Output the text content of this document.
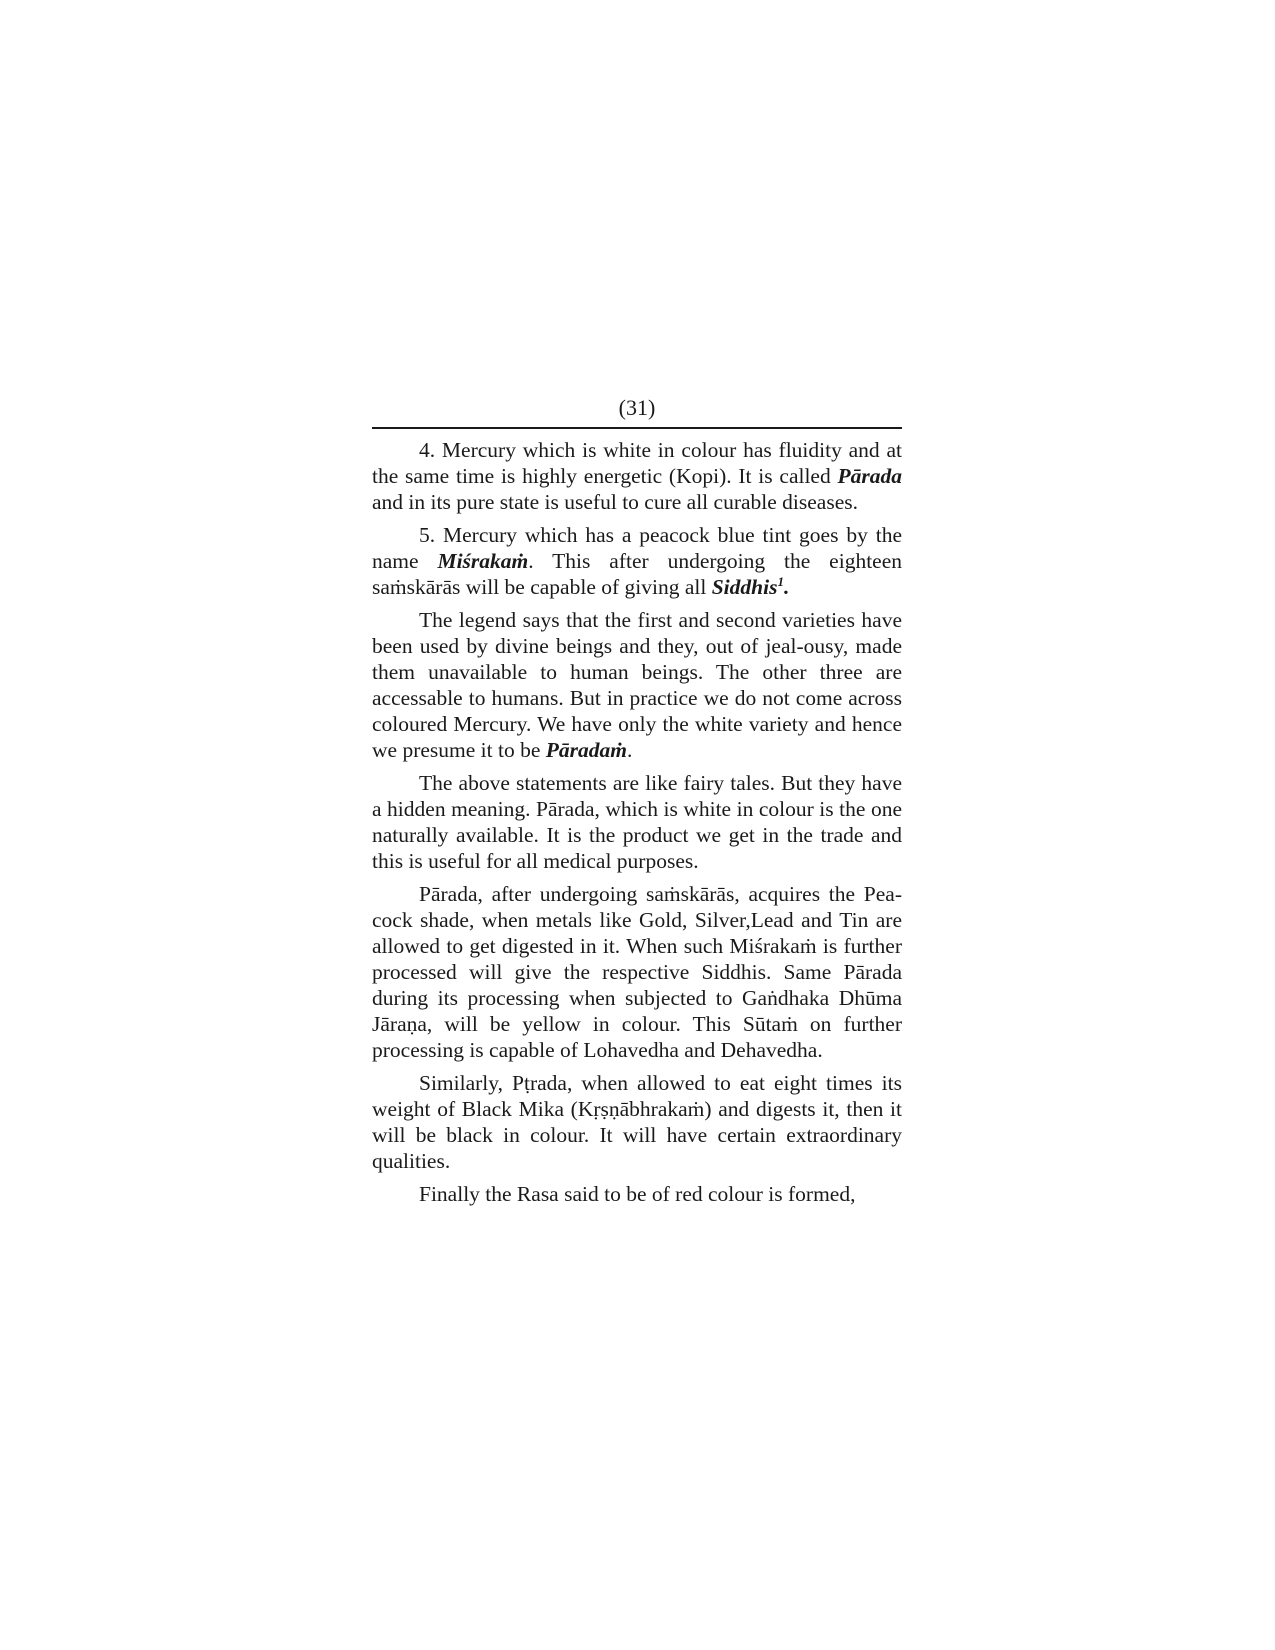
(31)

4. Mercury which is white in colour has fluidity and at the same time is highly energetic (Kopi). It is called Pārada and in its pure state is useful to cure all curable diseases.

5. Mercury which has a peacock blue tint goes by the name Miśrakaṁ. This after undergoing the eighteen saṁskārās will be capable of giving all Siddhis$^1$.

The legend says that the first and second varieties have been used by divine beings and they, out of jeal-ousy, made them unavailable to human beings. The other three are accessable to humans. But in practice we do not come across coloured Mercury. We have only the white variety and hence we presume it to be Pāradaṁ.

The above statements are like fairy tales. But they have a hidden meaning. Pārada, which is white in colour is the one naturally available. It is the product we get in the trade and this is useful for all medical purposes.

Pārada, after undergoing saṁskārās, acquires the Pea-cock shade, when metals like Gold, Silver,Lead and Tin are allowed to get digested in it. When such Miśrakaṁ is further processed will give the respective Siddhis. Same Pārada during its processing when subjected to Gaṅdhaka Dhūma Jāraṇa, will be yellow in colour. This Sūtaṁ on further processing is capable of Lohavedha and Dehavedha.

Similarly, Pṭrada, when allowed to eat eight times its weight of Black Mika (Kṛṣṇābhrakaṁ) and digests it, then it will be black in colour. It will have certain extraordinary qualities.

Finally the Rasa said to be of red colour is formed,
